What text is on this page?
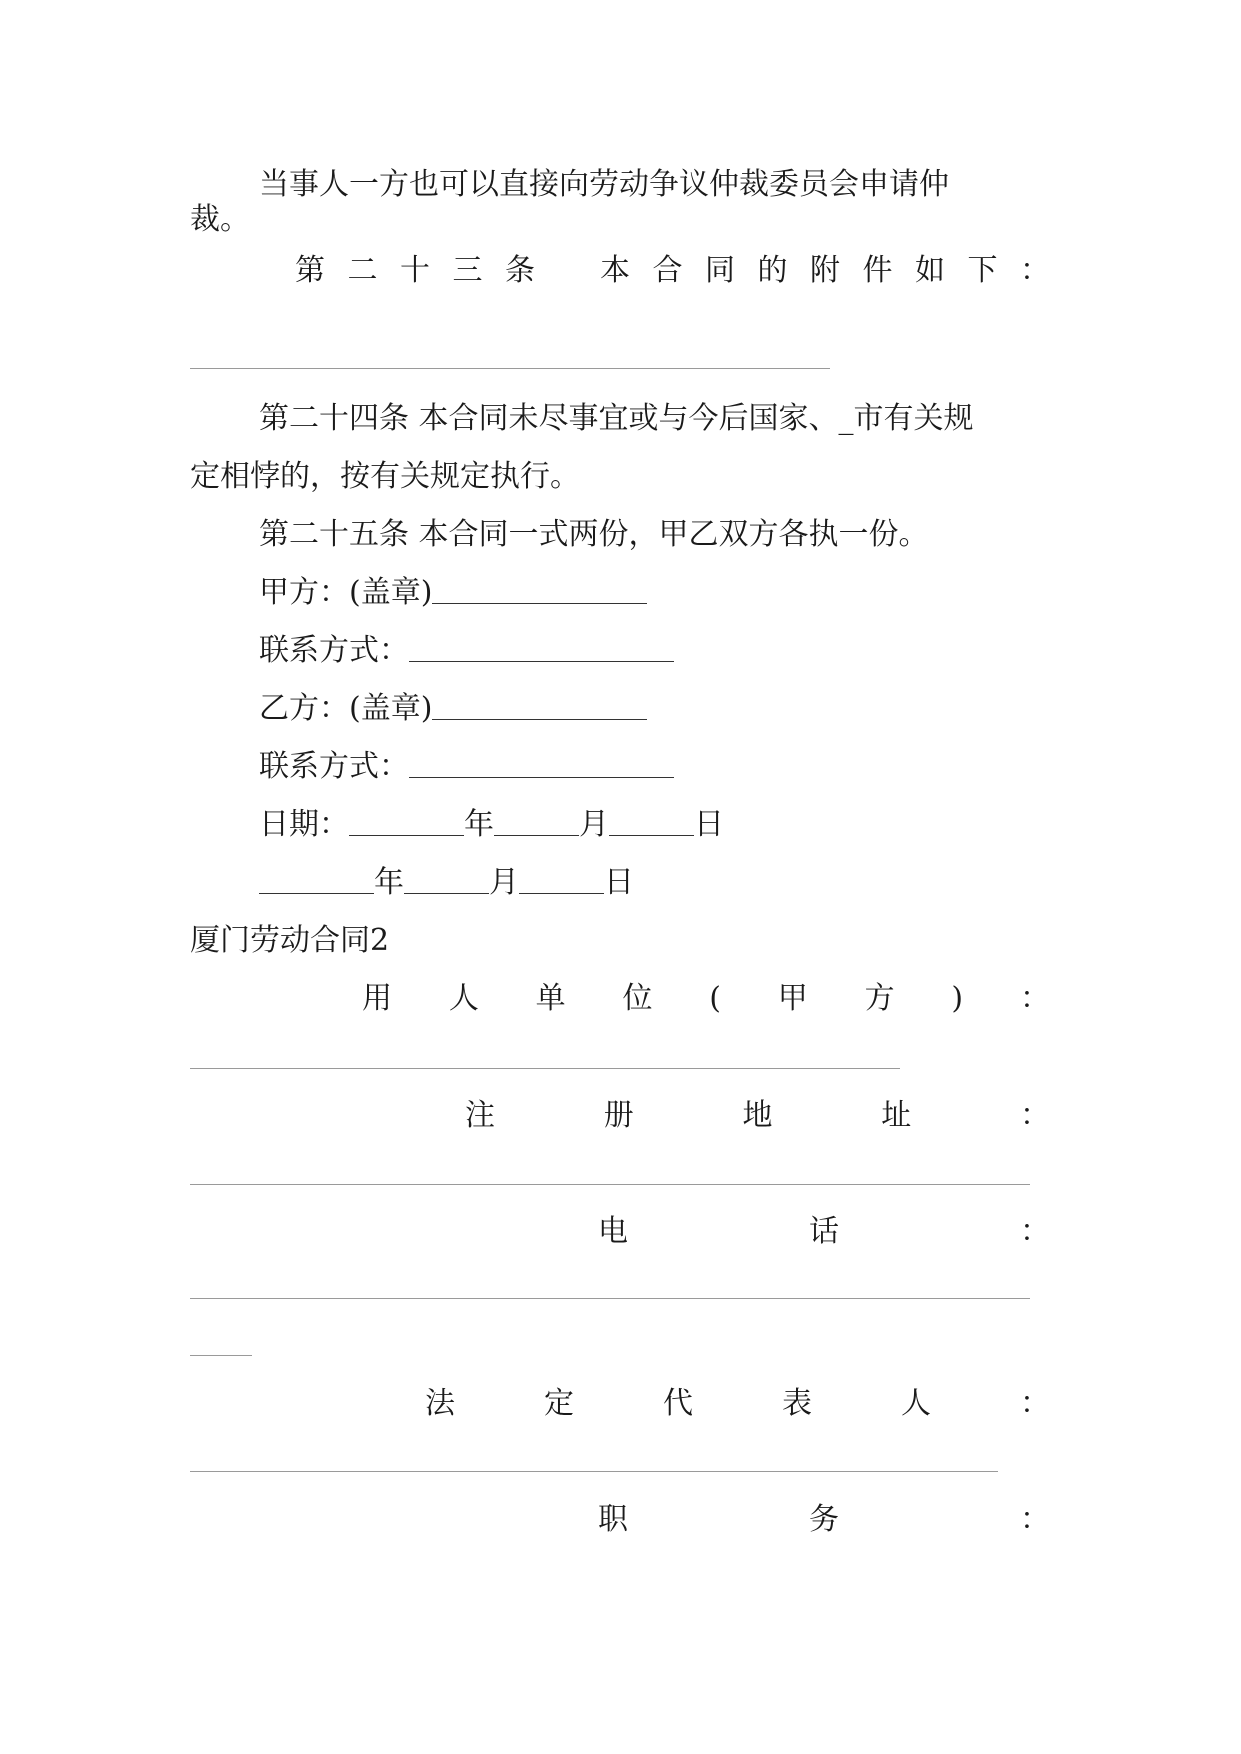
当事人一方也可以直接向劳动争议仲裁委员会申请仲
裁。
第 二 十 三 条 本 合 同 的 附 件 如 下 ：
第二十四条 本合同未尽事宜或与今后国家、_市有关规
定相悖的，按有关规定执行。
第二十五条 本合同一式两份，甲乙双方各执一份。
甲方：(盖章)
联系方式：
乙方：(盖章)
联系方式：
日期：	年	月	日
年	月	日
厦门劳动合同2
用 人 单 位 ( 甲 方 ) ：
注	册	地	址	：
电	话	：
法	定	代	表	人	：
职	务	：
